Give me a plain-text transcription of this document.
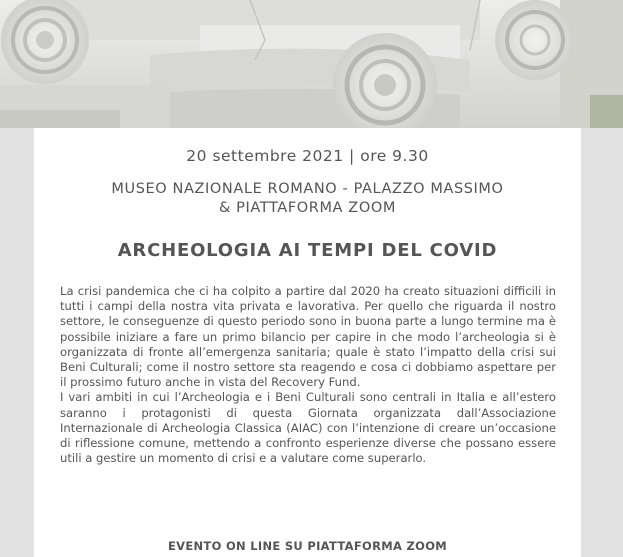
20 settembre 2021 | ore 9.30
MUSEO NAZIONALE ROMANO - PALAZZO MASSIMO
& PIATTAFORMA ZOOM
ARCHEOLOGIA AI TEMPI DEL COVID

La crisi pandemica che ci ha colpito a partire dal 2020 ha creato situazioni difficili in tutti i campi della nostra vita privata e lavorativa. Per quello che riguarda il nostro settore, le conseguenze di questo periodo sono in buona parte a lungo termine ma è possibile iniziare a fare un primo bilancio per capire in che modo l’archeologia si è organizzata di fronte all’emergenza sanitaria; quale è stato l’impatto della crisi sui Beni Culturali; come il nostro settore sta reagendo e cosa ci dobbiamo aspettare per il prossimo futuro anche in vista del Recovery Fund.

I vari ambiti in cui l’Archeologia e i Beni Culturali sono centrali in Italia e all’estero saranno i protagonisti di questa Giornata organizzata dall’Associazione Internazionale di Archeologia Classica (AIAC) con l’intenzione di creare un’occasione di riflessione comune, mettendo a confronto esperienze diverse che possano essere utili a gestire un momento di crisi e a valutare come superarlo.

EVENTO ON LINE SU PIATTAFORMA ZOOM
